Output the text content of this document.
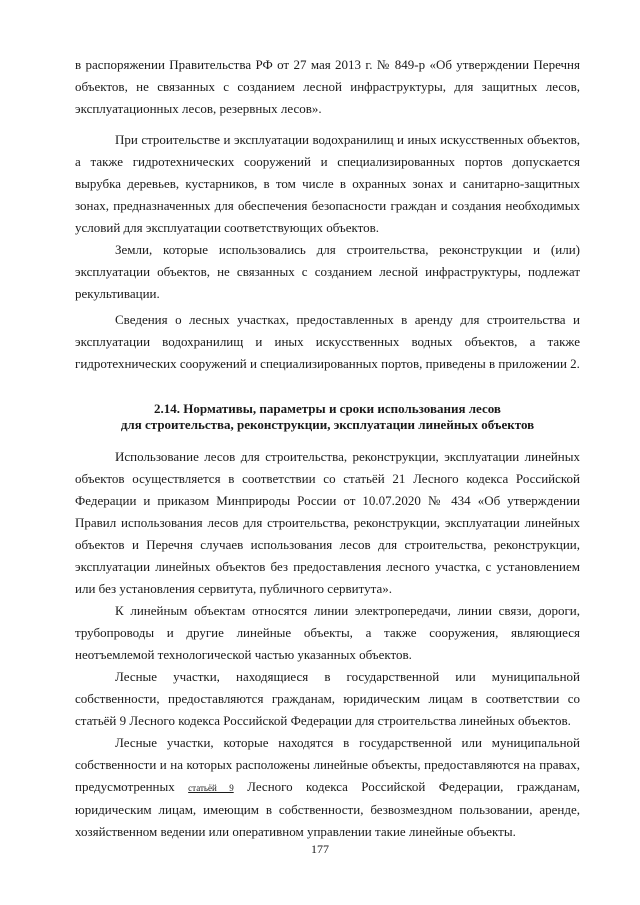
в распоряжении Правительства РФ от 27 мая 2013 г. № 849-р «Об утверждении Перечня объектов, не связанных с созданием лесной инфраструктуры, для защитных лесов, эксплуатационных лесов, резервных лесов».

При строительстве и эксплуатации водохранилищ и иных искусственных объектов, а также гидротехнических сооружений и специализированных портов допускается вырубка деревьев, кустарников, в том числе в охранных зонах и санитарно-защитных зонах, предназначенных для обеспечения безопасности граждан и создания необходимых условий для эксплуатации соответствующих объектов.

Земли, которые использовались для строительства, реконструкции и (или) эксплуатации объектов, не связанных с созданием лесной инфраструктуры, подлежат рекультивации.

Сведения о лесных участках, предоставленных в аренду для строительства и эксплуатации водохранилищ и иных искусственных водных объектов, а также гидротехнических сооружений и специализированных портов, приведены в приложении 2.

2.14. Нормативы, параметры и сроки использования лесов
для строительства, реконструкции, эксплуатации линейных объектов

Использование лесов для строительства, реконструкции, эксплуатации линейных объектов осуществляется в соответствии со статьёй 21 Лесного кодекса Российской Федерации и приказом Минприроды России от 10.07.2020 № 434 «Об утверждении Правил использования лесов для строительства, реконструкции, эксплуатации линейных объектов и Перечня случаев использования лесов для строительства, реконструкции, эксплуатации линейных объектов без предоставления лесного участка, с установлением или без установления сервитута, публичного сервитута».

К линейным объектам относятся линии электропередачи, линии связи, дороги, трубопроводы и другие линейные объекты, а также сооружения, являющиеся неотъемлемой технологической частью указанных объектов.

Лесные участки, находящиеся в государственной или муниципальной собственности, предоставляются гражданам, юридическим лицам в соответствии со статьёй 9 Лесного кодекса Российской Федерации для строительства линейных объектов.

Лесные участки, которые находятся в государственной или муниципальной собственности и на которых расположены линейные объекты, предоставляются на правах, предусмотренных статьёй 9 Лесного кодекса Российской Федерации, гражданам, юридическим лицам, имеющим в собственности, безвозмездном пользовании, аренде, хозяйственном ведении или оперативном управлении такие линейные объекты.

177
